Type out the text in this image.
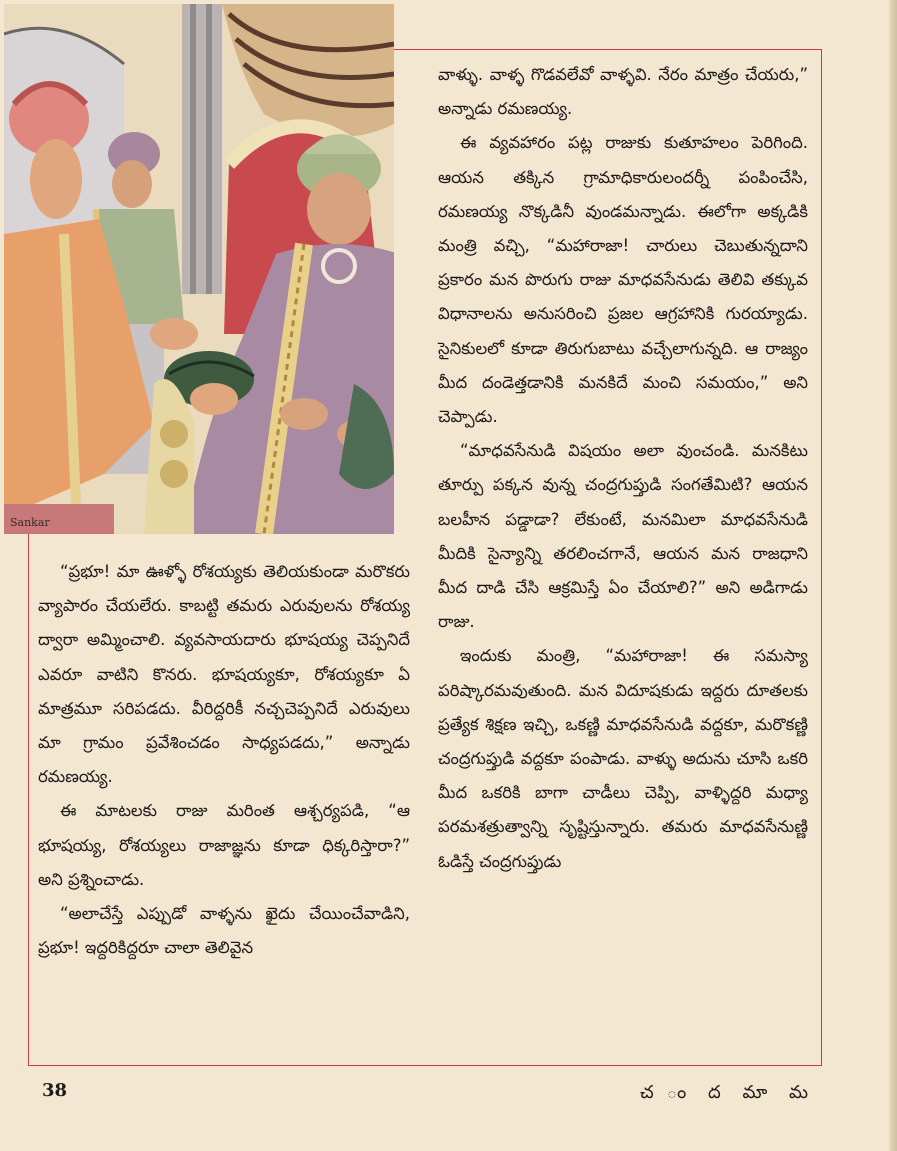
Sankar

“ప్రభూ! మా ఊళ్ళో రోశయ్యకు తెలియకుండా మరొకరు వ్యాపారం చేయలేరు. కాబట్టి తమరు ఎరువులను రోశయ్య ద్వారా అమ్మించాలి. వ్యవసాయదారు భూషయ్య చెప్పనిదే ఎవరూ వాటిని కొనరు. భూషయ్యకూ, రోశయ్యకూ ఏ మాత్రమూ సరిపడదు. వీరిద్దరికీ నచ్చచెప్పనిదే ఎరువులు మా గ్రామం ప్రవేశించడం సాధ్యపడదు,” అన్నాడు రమణయ్య.

ఈ మాటలకు రాజు మరింత ఆశ్చర్యపడి, “ఆ భూషయ్య, రోశయ్యలు రాజాజ్ఞను కూడా ధిక్కరిస్తారా?” అని ప్రశ్నించాడు.

“అలాచేస్తే ఎప్పుడో వాళ్ళను ఖైదు చేయించేవాడిని, ప్రభూ! ఇద్దరికిద్దరూ చాలా తెలివైన

వాళ్ళు. వాళ్ళ గొడవలేవో వాళ్ళవి. నేరం మాత్రం చేయరు,” అన్నాడు రమణయ్య.

ఈ వ్యవహారం పట్ల రాజుకు కుతూహలం పెరిగింది. ఆయన తక్కిన గ్రామాధికారులందర్నీ పంపించేసి, రమణయ్య నొక్కడినీ వుండమన్నాడు. ఈలోగా అక్కడికి మంత్రి వచ్చి, “మహారాజా! చారులు చెబుతున్నదాని ప్రకారం మన పొరుగు రాజు మాధవసేనుడు తెలివి తక్కువ విధానాలను అనుసరించి ప్రజల ఆగ్రహానికి గురయ్యాడు. సైనికులలో కూడా తిరుగుబాటు వచ్చేలాగున్నది. ఆ రాజ్యం మీద దండెత్తడానికి మనకిదే మంచి సమయం,” అని చెప్పాడు.

“మాధవసేనుడి విషయం అలా వుంచండి. మనకిటు తూర్పు పక్కన వున్న చంద్రగుప్తుడి సంగతేమిటి? ఆయన బలహీన పడ్డాడా? లేకుంటే, మనమిలా మాధవసేనుడి మీదికి సైన్యాన్ని తరలించగానే, ఆయన మన రాజధాని మీద దాడి చేసి ఆక్రమిస్తే ఏం చేయాలి?” అని అడిగాడు రాజు.

ఇందుకు మంత్రి, “మహారాజా! ఈ సమస్యా పరిష్కారమవుతుంది. మన విదూషకుడు ఇద్దరు దూతలకు ప్రత్యేక శిక్షణ ఇచ్చి, ఒకణ్ణి మాధవసేనుడి వద్దకూ, మరొకణ్ణి చంద్రగుప్తుడి వద్దకూ పంపాడు. వాళ్ళు అదును చూసి ఒకరి మీద ఒకరికి బాగా చాడీలు చెప్పి, వాళ్ళిద్దరి మధ్యా పరమశత్రుత్వాన్ని సృష్టిస్తున్నారు. తమరు మాధవసేనుణ్ణి ఓడిస్తే చంద్రగుప్తుడు

38	చ ం ద మా మ
